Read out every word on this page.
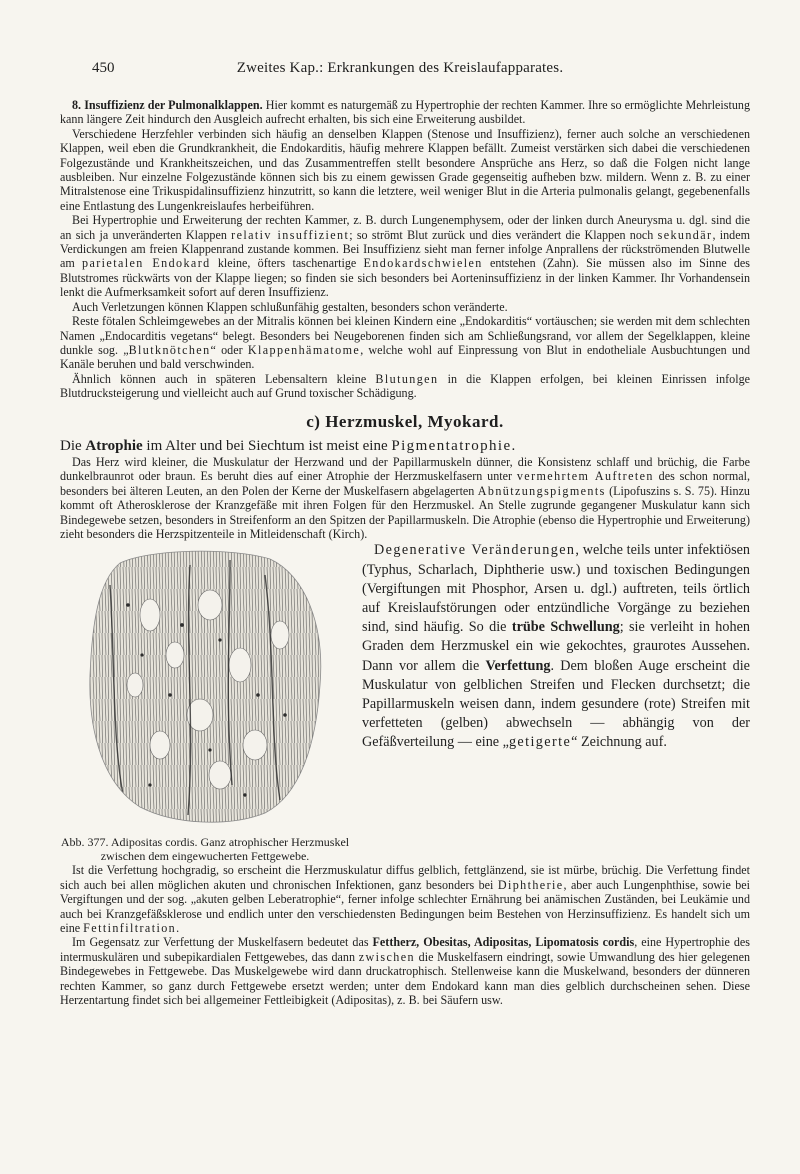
450	Zweites Kap.: Erkrankungen des Kreislaufapparates.

8. Insuffizienz der Pulmonalklappen. Hier kommt es naturgemäß zu Hypertrophie der rechten Kammer. Ihre so ermöglichte Mehrleistung kann längere Zeit hindurch den Ausgleich aufrecht erhalten, bis sich eine Erweiterung ausbildet.

Verschiedene Herzfehler verbinden sich häufig an denselben Klappen (Stenose und Insuffizienz), ferner auch solche an verschiedenen Klappen, weil eben die Grundkrankheit, die Endokarditis, häufig mehrere Klappen befällt. Zumeist verstärken sich dabei die verschiedenen Folgezustände und Krankheitszeichen, und das Zusammentreffen stellt besondere Ansprüche ans Herz, so daß die Folgen nicht lange ausbleiben. Nur einzelne Folgezustände können sich bis zu einem gewissen Grade gegenseitig aufheben bzw. mildern. Wenn z. B. zu einer Mitralstenose eine Trikuspidalinsuffizienz hinzutritt, so kann die letztere, weil weniger Blut in die Arteria pulmonalis gelangt, gegebenenfalls eine Entlastung des Lungenkreislaufes herbeiführen.

Bei Hypertrophie und Erweiterung der rechten Kammer, z. B. durch Lungenemphysem, oder der linken durch Aneurysma u. dgl. sind die an sich ja unveränderten Klappen relativ insuffizient; so strömt Blut zurück und dies verändert die Klappen noch sekundär, indem Verdickungen am freien Klappenrand zustande kommen. Bei Insuffizienz sieht man ferner infolge Anprallens der rückströmenden Blutwelle am parietalen Endokard kleine, öfters taschenartige Endokardschwielen entstehen (Zahn). Sie müssen also im Sinne des Blutstromes rückwärts von der Klappe liegen; so finden sie sich besonders bei Aorteninsuffizienz in der linken Kammer. Ihr Vorhandensein lenkt die Aufmerksamkeit sofort auf deren Insuffizienz.

Auch Verletzungen können Klappen schlußunfähig gestalten, besonders schon veränderte.

Reste fötalen Schleimgewebes an der Mitralis können bei kleinen Kindern eine „Endokarditis“ vortäuschen; sie werden mit dem schlechten Namen „Endocarditis vegetans“ belegt. Besonders bei Neugeborenen finden sich am Schließungsrand, vor allem der Segelklappen, kleine dunkle sog. „Blutknötchen“ oder Klappenhämatome, welche wohl auf Einpressung von Blut in endotheliale Ausbuchtungen und Kanäle beruhen und bald verschwinden.

Ähnlich können auch in späteren Lebensaltern kleine Blutungen in die Klappen erfolgen, bei kleinen Einrissen infolge Blutdrucksteigerung und vielleicht auch auf Grund toxischer Schädigung.

c) Herzmuskel, Myokard.

Die Atrophie im Alter und bei Siechtum ist meist eine Pigmentatrophie.

Das Herz wird kleiner, die Muskulatur der Herzwand und der Papillarmuskeln dünner, die Konsistenz schlaff und brüchig, die Farbe dunkelbraunrot oder braun. Es beruht dies auf einer Atrophie der Herzmuskelfasern unter vermehrtem Auftreten des schon normal, besonders bei älteren Leuten, an den Polen der Kerne der Muskelfasern abgelagerten Abnützungspigments (Lipofuszins s. S. 75). Hinzu kommt oft Atherosklerose der Kranzgefäße mit ihren Folgen für den Herzmuskel. An Stelle zugrunde gegangener Muskulatur kann sich Bindegewebe setzen, besonders in Streifenform an den Spitzen der Papillarmuskeln. Die Atrophie (ebenso die Hypertrophie und Erweiterung) zieht besonders die Herzspitzenteile in Mitleidenschaft (Kirch).

Abb. 377. Adipositas cordis. Ganz atrophischer Herzmuskel zwischen dem eingewucherten Fettgewebe.

Degenerative Veränderungen, welche teils unter infektiösen (Typhus, Scharlach, Diphtherie usw.) und toxischen Bedingungen (Vergiftungen mit Phosphor, Arsen u. dgl.) auftreten, teils örtlich auf Kreislaufstörungen oder entzündliche Vorgänge zu beziehen sind, sind häufig. So die trübe Schwellung; sie verleiht in hohen Graden dem Herzmuskel ein wie gekochtes, graurotes Aussehen. Dann vor allem die Verfettung. Dem bloßen Auge erscheint die Muskulatur von gelblichen Streifen und Flecken durchsetzt; die Papillarmuskeln weisen dann, indem gesundere (rote) Streifen mit verfetteten (gelben) abwechseln — abhängig von der Gefäßverteilung — eine „getigerte“ Zeichnung auf.

Ist die Verfettung hochgradig, so erscheint die Herzmuskulatur diffus gelblich, fettglänzend, sie ist mürbe, brüchig. Die Verfettung findet sich auch bei allen möglichen akuten und chronischen Infektionen, ganz besonders bei Diphtherie, aber auch Lungenphthise, sowie bei Vergiftungen und der sog. „akuten gelben Leberatrophie“, ferner infolge schlechter Ernährung bei anämischen Zuständen, bei Leukämie und auch bei Kranzgefäßsklerose und endlich unter den verschiedensten Bedingungen beim Bestehen von Herzinsuffizienz. Es handelt sich um eine Fettinfiltration.

Im Gegensatz zur Verfettung der Muskelfasern bedeutet das Fettherz, Obesitas, Adipositas, Lipomatosis cordis, eine Hypertrophie des intermuskulären und subepikardialen Fettgewebes, das dann zwischen die Muskelfasern eindringt, sowie Umwandlung des hier gelegenen Bindegewebes in Fettgewebe. Das Muskelgewebe wird dann druckatrophisch. Stellenweise kann die Muskelwand, besonders der dünneren rechten Kammer, so ganz durch Fettgewebe ersetzt werden; unter dem Endokard kann man dies gelblich durchscheinen sehen. Diese Herzentartung findet sich bei allgemeiner Fettleibigkeit (Adipositas), z. B. bei Säufern usw.
